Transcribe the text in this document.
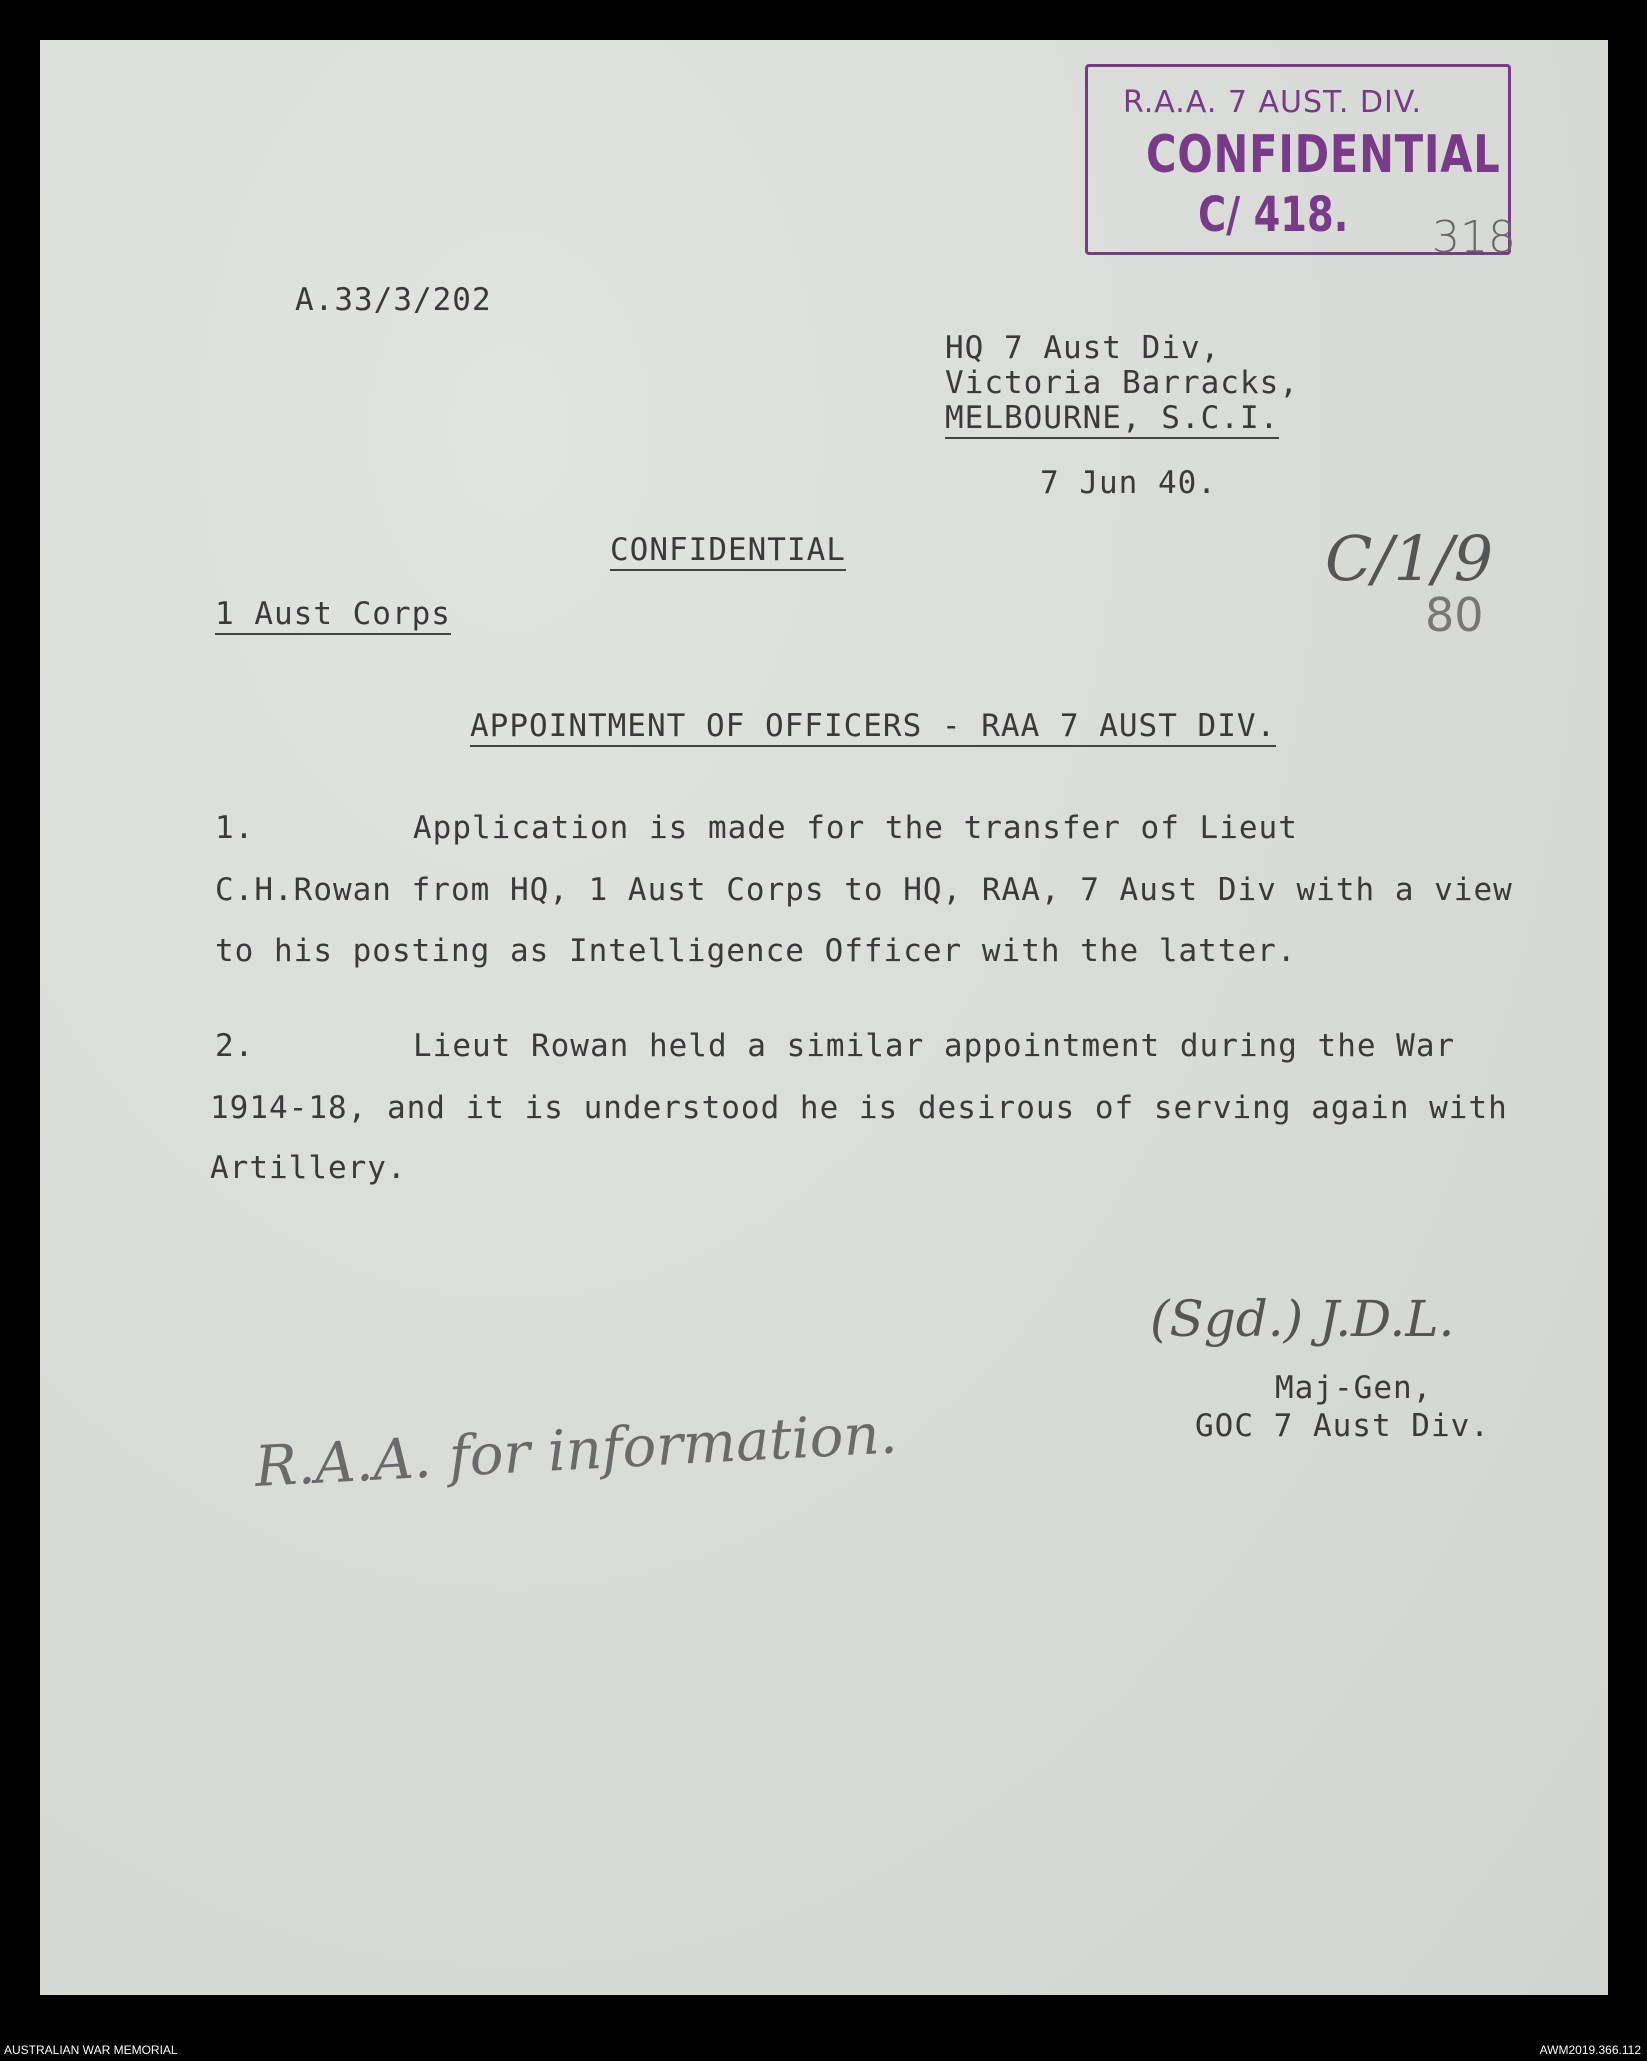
R.A.A. 7 AUST. DIV.
CONFIDENTIAL
C/ 418. 318
A.33/3/202
HQ 7 Aust Div,
Victoria Barracks,
MELBOURNE, S.C.I.
7 Jun 40.
CONFIDENTIAL	C/1/9
80
1 Aust Corps
APPOINTMENT OF OFFICERS - RAA 7 AUST DIV.
1.	Application is made for the transfer of Lieut
C.H.Rowan from HQ, 1 Aust Corps to HQ, RAA, 7 Aust Div with a view
to his posting as Intelligence Officer with the latter.
2.	Lieut Rowan held a similar appointment during the War
1914-18, and it is understood he is desirous of serving again with
Artillery.
(Sgd.) J.D.L.
Maj-Gen,
GOC 7 Aust Div.
R.A.A. for information.
AUSTRALIAN WAR MEMORIAL	AWM2019.366.112
